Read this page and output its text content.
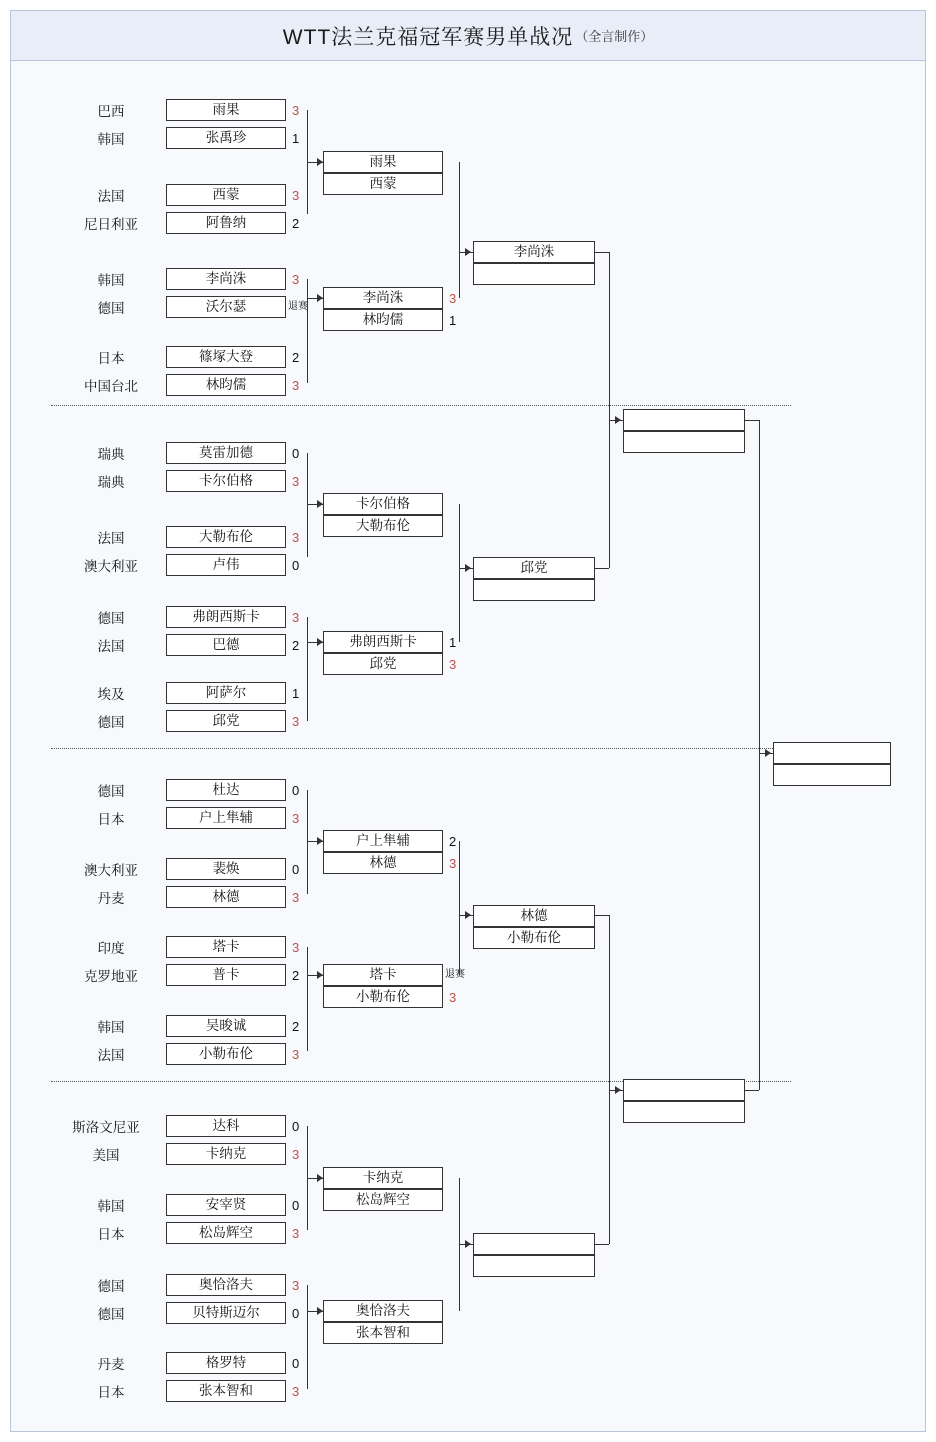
WTT法兰克福冠军赛男单战况 （全言制作）
巴西	雨果	3
韩国	张禹珍	1
法国	西蒙	3
尼日利亚	阿鲁纳	2
韩国	李尚洙	3
德国	沃尔瑟	退赛
日本	篠塚大登	2
中国台北	林昀儒	3
瑞典	莫雷加德	0
瑞典	卡尔伯格	3
法国	大勒布伦	3
澳大利亚	卢伟	0
德国	弗朗西斯卡	3
法国	巴德	2
埃及	阿萨尔	1
德国	邱党	3
德国	杜达	0
日本	户上隼辅	3
澳大利亚	裴焕	0
丹麦	林德	3
印度	塔卡	3
克罗地亚	普卡	2
韩国	吴晙诚	2
法国	小勒布伦	3
斯洛文尼亚	达科	0
美国	卡纳克	3
韩国	安宰贤	0
日本	松岛辉空	3
德国	奥恰洛夫	3
德国	贝特斯迈尔	0
丹麦	格罗特	0
日本	张本智和	3
雨果
西蒙
李尚洙	3
林昀儒	1
卡尔伯格
大勒布伦
弗朗西斯卡	1
邱党	3
户上隼辅	2
林德	3
塔卡	退赛
小勒布伦	3
卡纳克
松岛辉空
奥恰洛夫
张本智和
李尚洙
邱党
林德
小勒布伦
